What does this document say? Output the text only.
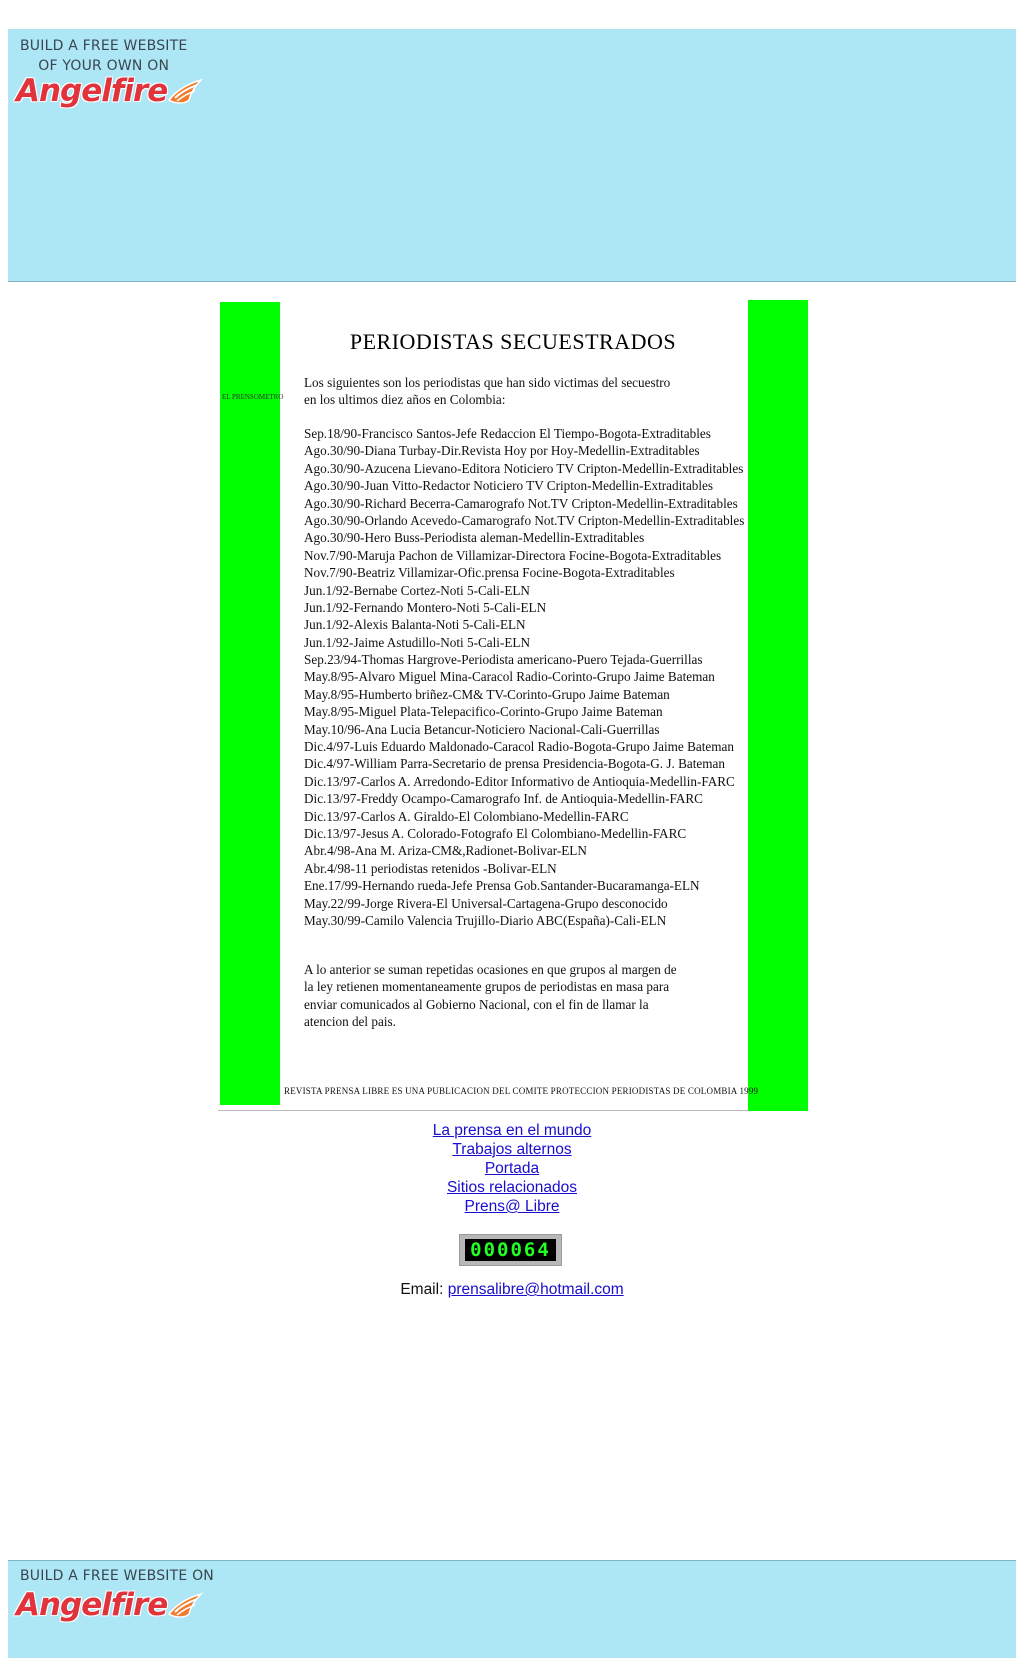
BUILD A FREE WEBSITE
OF YOUR OWN ON
Angelfire
PERIODISTAS SECUESTRADOS
EL PRENSOMETRO
Los siguientes son los periodistas que han sido victimas del secuestro
en los ultimos diez años en Colombia:
Sep.18/90-Francisco Santos-Jefe Redaccion El Tiempo-Bogota-Extraditables
Ago.30/90-Diana Turbay-Dir.Revista Hoy por Hoy-Medellin-Extraditables
Ago.30/90-Azucena Lievano-Editora Noticiero TV Cripton-Medellin-Extraditables
Ago.30/90-Juan Vitto-Redactor Noticiero TV Cripton-Medellin-Extraditables
Ago.30/90-Richard Becerra-Camarografo Not.TV Cripton-Medellin-Extraditables
Ago.30/90-Orlando Acevedo-Camarografo Not.TV Cripton-Medellin-Extraditables
Ago.30/90-Hero Buss-Periodista aleman-Medellin-Extraditables
Nov.7/90-Maruja Pachon de Villamizar-Directora Focine-Bogota-Extraditables
Nov.7/90-Beatriz Villamizar-Ofic.prensa Focine-Bogota-Extraditables
Jun.1/92-Bernabe Cortez-Noti 5-Cali-ELN
Jun.1/92-Fernando Montero-Noti 5-Cali-ELN
Jun.1/92-Alexis Balanta-Noti 5-Cali-ELN
Jun.1/92-Jaime Astudillo-Noti 5-Cali-ELN
Sep.23/94-Thomas Hargrove-Periodista americano-Puero Tejada-Guerrillas
May.8/95-Alvaro Miguel Mina-Caracol Radio-Corinto-Grupo Jaime Bateman
May.8/95-Humberto briñez-CM& TV-Corinto-Grupo Jaime Bateman
May.8/95-Miguel Plata-Telepacifico-Corinto-Grupo Jaime Bateman
May.10/96-Ana Lucia Betancur-Noticiero Nacional-Cali-Guerrillas
Dic.4/97-Luis Eduardo Maldonado-Caracol Radio-Bogota-Grupo Jaime Bateman
Dic.4/97-William Parra-Secretario de prensa Presidencia-Bogota-G. J. Bateman
Dic.13/97-Carlos A. Arredondo-Editor Informativo de Antioquia-Medellin-FARC
Dic.13/97-Freddy Ocampo-Camarografo Inf. de Antioquia-Medellin-FARC
Dic.13/97-Carlos A. Giraldo-El Colombiano-Medellin-FARC
Dic.13/97-Jesus A. Colorado-Fotografo El Colombiano-Medellin-FARC
Abr.4/98-Ana M. Ariza-CM&,Radionet-Bolivar-ELN
Abr.4/98-11 periodistas retenidos -Bolivar-ELN
Ene.17/99-Hernando rueda-Jefe Prensa Gob.Santander-Bucaramanga-ELN
May.22/99-Jorge Rivera-El Universal-Cartagena-Grupo desconocido
May.30/99-Camilo Valencia Trujillo-Diario ABC(España)-Cali-ELN
A lo anterior se suman repetidas ocasiones en que grupos al margen de
la ley retienen momentaneamente grupos de periodistas en masa para
enviar comunicados al Gobierno Nacional, con el fin de llamar la
atencion del pais.
REVISTA PRENSA LIBRE ES UNA PUBLICACION DEL COMITE PROTECCION PERIODISTAS DE COLOMBIA 1999
La prensa en el mundo
Trabajos alternos
Portada
Sitios relacionados
Prens@ Libre
000064
Email: prensalibre@hotmail.com
BUILD A FREE WEBSITE ON
Angelfire
